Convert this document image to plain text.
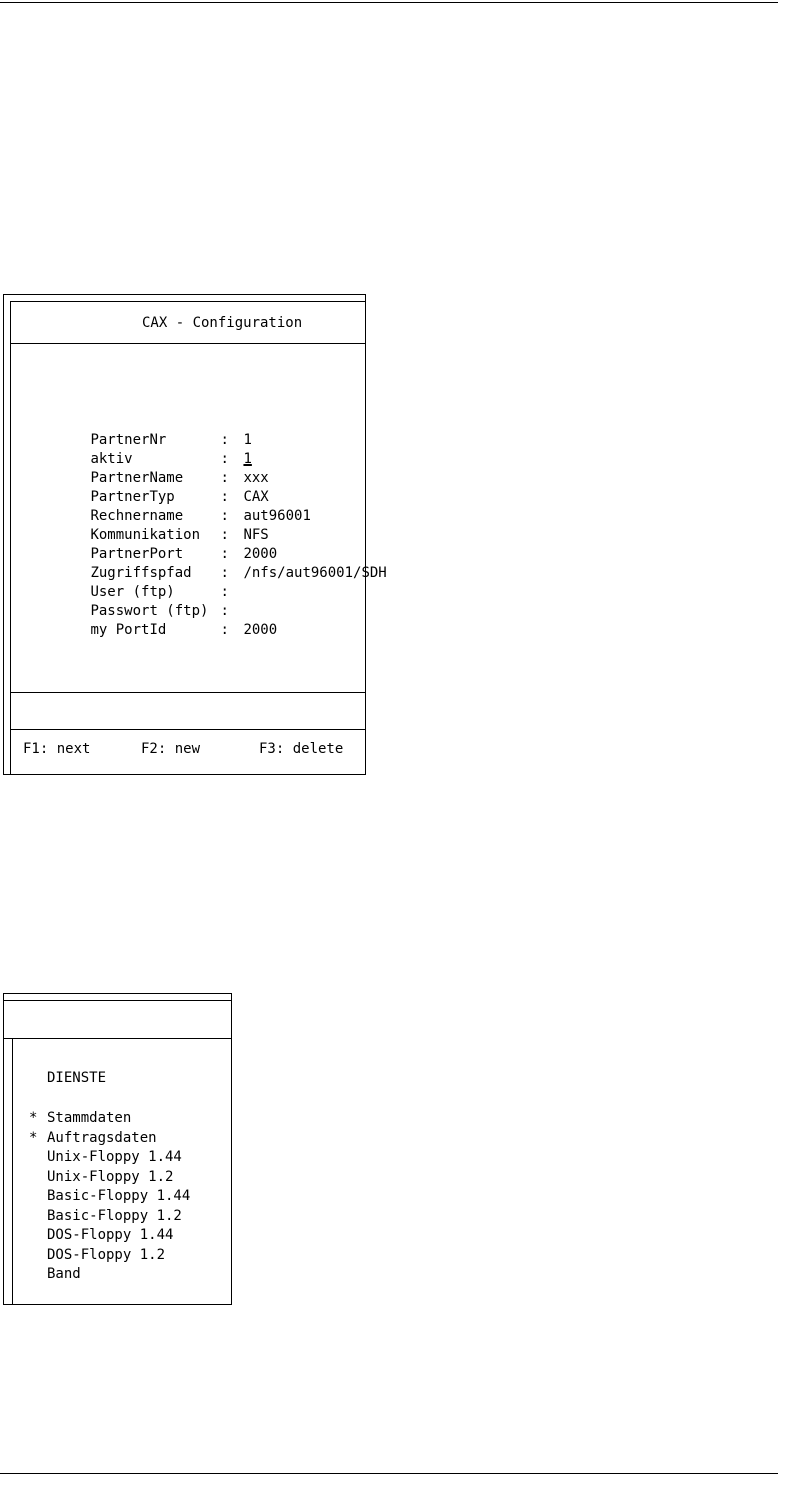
CAX - Configuration

PartnerNr	: 1

aktiv	: 1

PartnerName	: xxx

PartnerTyp	: CAX

Rechnername	: aut96001

Kommunikation : NFS

PartnerPort	: 2000

Zugriffspfad : /nfs/aut96001/SDH

User (ftp)	:

Passwort (ftp) :

my PortId	: 2000

F1: next	F2: new	F3: delete
DIENSTE
* Stammdaten
* Auftragsdaten
Unix-Floppy 1.44
Unix-Floppy 1.2
Basic-Floppy 1.44
Basic-Floppy 1.2
DOS-Floppy 1.44
DOS-Floppy 1.2
Band
